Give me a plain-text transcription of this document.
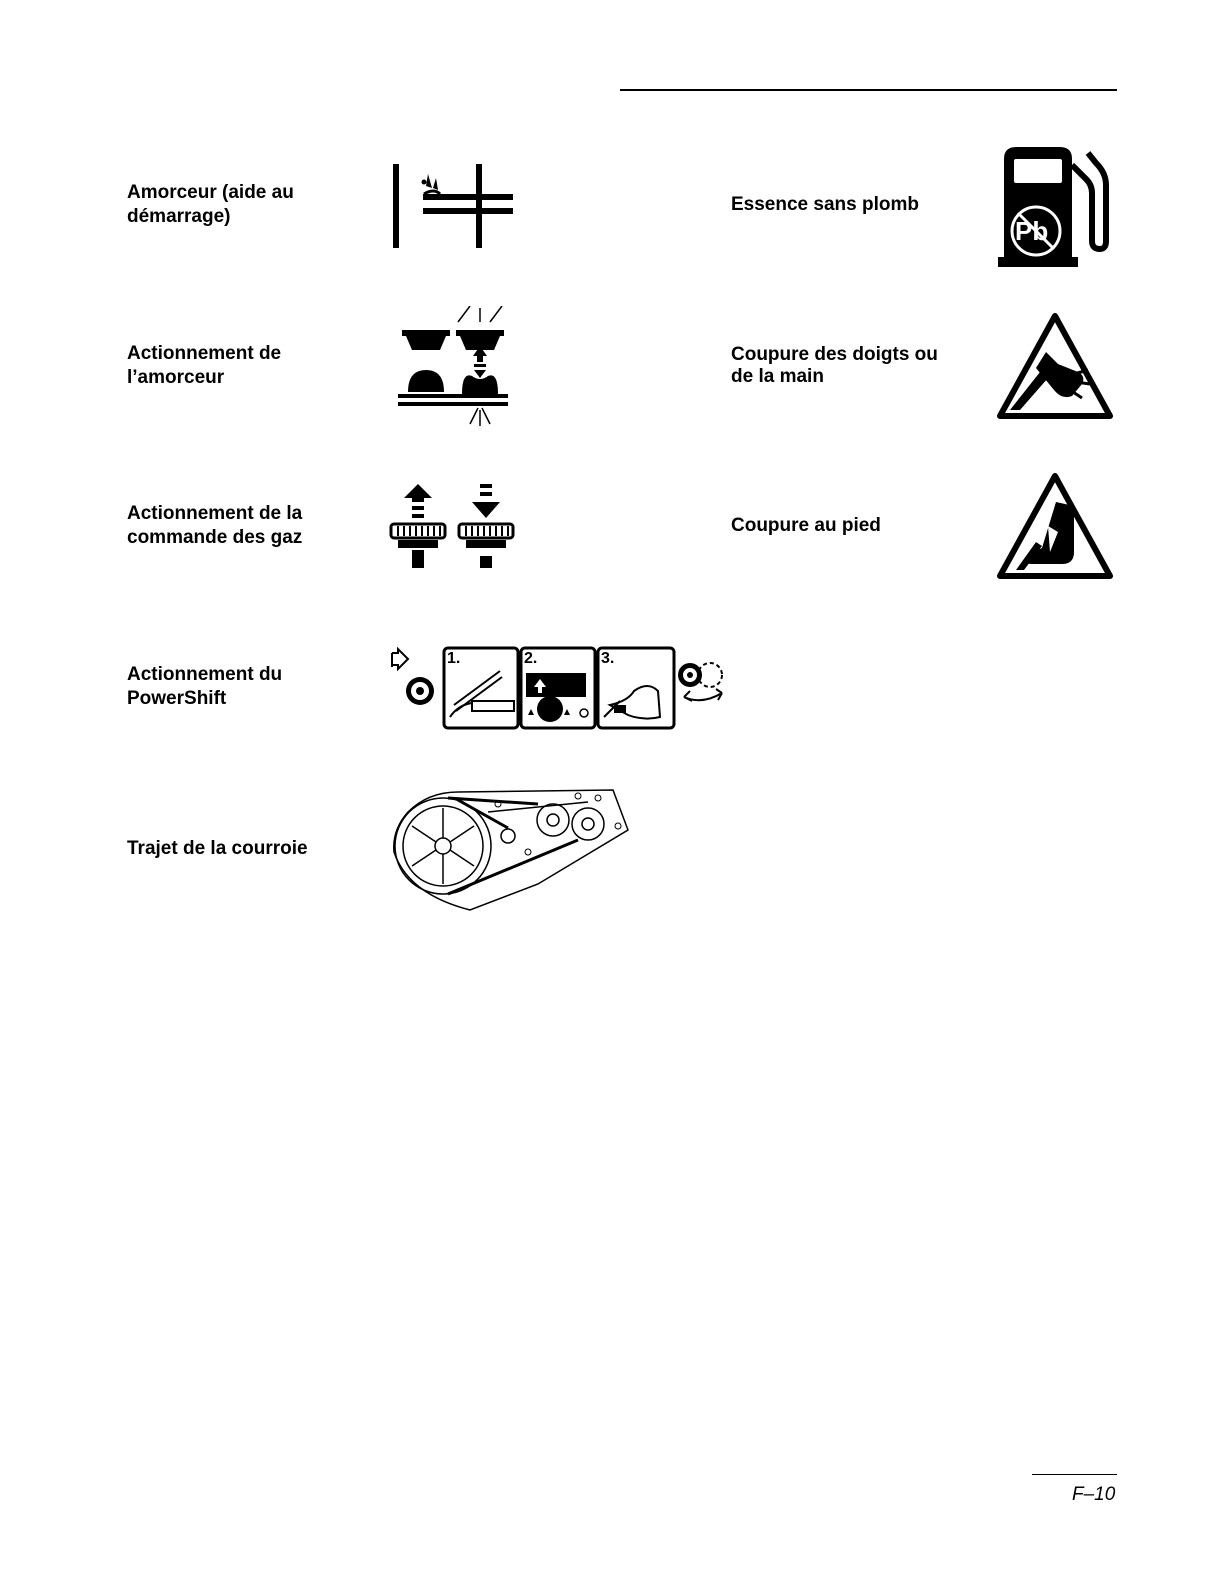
Amorceur (aide au
démarrage)
Actionnement de
l’amorceur
Actionnement de la
commande des gaz
Actionnement du
PowerShift
1.	2.	3.
Trajet de la courroie
Essence sans plomb
Pb
Coupure des doigts ou
de la main
Coupure au pied
F–10
